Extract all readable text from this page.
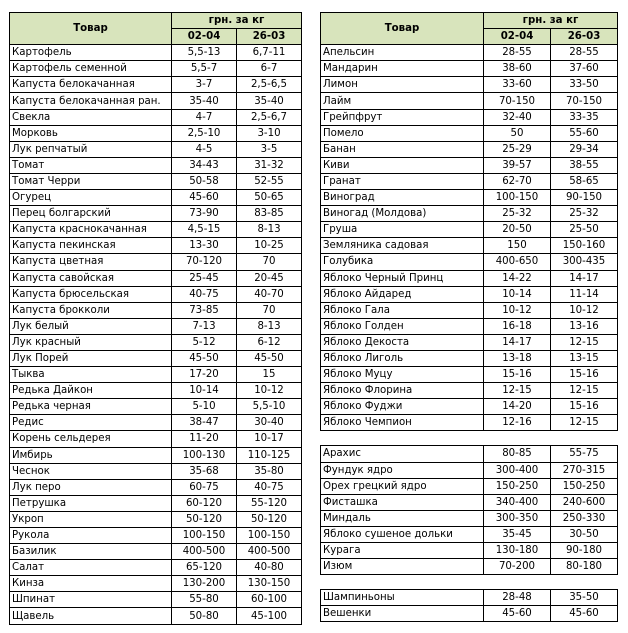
Товар	грн. за кг	
	02-04	26-03
Картофель	5,5-13	6,7-11
Картофель семенной	5,5-7	6-7
Капуста белокачанная	3-7	2,5-6,5
Капуста белокачанная ран.	35-40	35-40
Свекла	4-7	2,5-6,7
Морковь	2,5-10	3-10
Лук репчатый	4-5	3-5
Томат	34-43	31-32
Томат Черри	50-58	52-55
Огурец	45-60	50-65
Перец болгарский	73-90	83-85
Капуста краснокачанная	4,5-15	8-13
Капуста пекинская	13-30	10-25
Капуста цветная	70-120	70
Капуста савойская	25-45	20-45
Капуста брюсельская	40-75	40-70
Капуста брокколи	73-85	70
Лук белый	7-13	8-13
Лук красный	5-12	6-12
Лук Порей	45-50	45-50
Тыква	17-20	15
Редька Дайкон	10-14	10-12
Редька черная	5-10	5,5-10
Редис	38-47	30-40
Корень сельдерея	11-20	10-17
Имбирь	100-130	110-125
Чеснок	35-68	35-80
Лук перо	60-75	40-75
Петрушка	60-120	55-120
Укроп	50-120	50-120
Рукола	100-150	100-150
Базилик	400-500	400-500
Салат	65-120	40-80
Кинза	130-200	130-150
Шпинат	55-80	60-100
Щавель	50-80	45-100
Товар	грн. за кг	
	02-04	26-03
Апельсин	28-55	28-55
Мандарин	38-60	37-60
Лимон	33-60	33-50
Лайм	70-150	70-150
Грейпфрут	32-40	33-35
Помело	50	55-60
Банан	25-29	29-34
Киви	39-57	38-55
Гранат	62-70	58-65
Виноград	100-150	90-150
Виногад (Молдова)	25-32	25-32
Груша	20-50	25-50
Земляника садовая	150	150-160
Голубика	400-650	300-435
Яблоко Черный Принц	14-22	14-17
Яблоко Айдаред	10-14	11-14
Яблоко Гала	10-12	10-12
Яблоко Голден	16-18	13-16
Яблоко Декоста	14-17	12-15
Яблоко Лиголь	13-18	13-15
Яблоко Муцу	15-16	15-16
Яблоко Флорина	12-15	12-15
Яблоко Фуджи	14-20	15-16
Яблоко Чемпион	12-16	12-15

Арахис	80-85	55-75
Фундук ядро	300-400	270-315
Орех грецкий ядро	150-250	150-250
Фисташка	340-400	240-600
Миндаль	300-350	250-330
Яблоко сушеное дольки	35-45	30-50
Курага	130-180	90-180
Изюм	70-200	80-180

Шампиньоны	28-48	35-50
Вешенки	45-60	45-60
